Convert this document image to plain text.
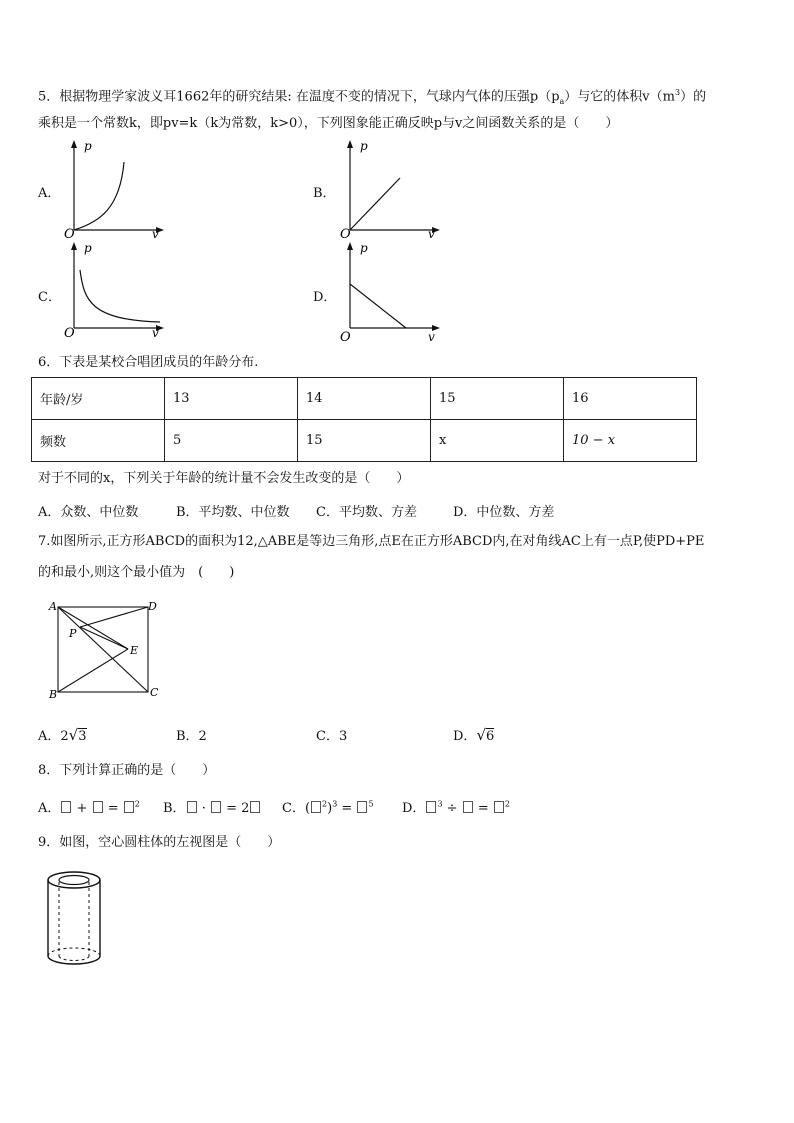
5．根据物理学家波义耳1662年的研究结果: 在温度不变的情况下，气球内气体的压强$p(p_a)$与它的体积$v(m^3)$的
乘积是一个常数k，即pv=k（k为常数，k>0），下列图象能正确反映p与v之间函数关系的是（　　）
A．
p
v
O
B．
p
v
O
C．
p
v
O
D．
p
v
O
6．下表是某校合唱团成员的年龄分布.
年龄/岁	13	14	15	16
频数	5	15	x	10 − x
对于不同的x，下列关于年龄的统计量不会发生改变的是（　　）
A．众数、中位数	B．平均数、中位数 C．平均数、方差	D．中位数、方差
7.如图所示,正方形ABCD的面积为12,△ABE是等边三角形,点E在正方形ABCD内,在对角线AC上有一点P,使PD+PE
的和最小,则这个最小值为　(　　)
A	D
B	C
P
E
A．2√3	B．2	C．3	D．√6
8．下列计算正确的是（　　）
A． +  = $^2$ B． ·  = 2	C．( $^2$)$^3$ = $^5$ D． $^3$ ÷  = $^2$
9．如图，空心圆柱体的左视图是（　　）
